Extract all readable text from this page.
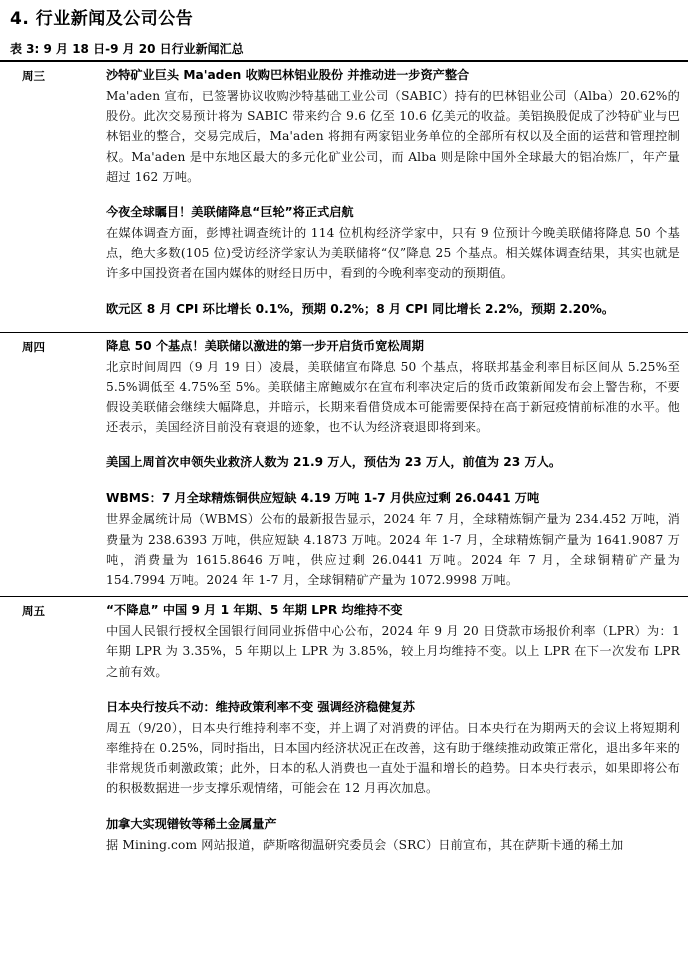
4. 行业新闻及公司公告
表 3: 9 月 18 日-9 月 20 日行业新闻汇总
周三	沙特矿业巨头 Ma'aden 收购巴林铝业股份 并推动进一步资产整合
Ma'aden 宣布，已签署协议收购沙特基础工业公司（SABIC）持有的巴林铝业公司（Alba）20.62%的股份。此次交易预计将为 SABIC 带来约合 9.6 亿至 10.6 亿美元的收益。美铝换股促成了沙特矿业与巴林铝业的整合，交易完成后，Ma'aden 将拥有两家铝业务单位的全部所有权以及全面的运营和管理控制权。Ma'aden 是中东地区最大的多元化矿业公司，而 Alba 则是除中国外全球最大的铝冶炼厂，年产量超过 162 万吨。
今夜全球瞩目！美联储降息“巨轮”将正式启航
在媒体调查方面，彭博社调查统计的 114 位机构经济学家中，只有 9 位预计今晚美联储将降息 50 个基点，绝大多数(105 位)受访经济学家认为美联储将“仅”降息 25 个基点。相关媒体调查结果，其实也就是许多中国投资者在国内媒体的财经日历中，看到的今晚利率变动的预期值。
欧元区 8 月 CPI 环比增长 0.1%，预期 0.2%；8 月 CPI 同比增长 2.2%，预期 2.20%。
周四	降息 50 个基点！美联储以激进的第一步开启货币宽松周期
北京时间周四（9 月 19 日）凌晨，美联储宣布降息 50 个基点，将联邦基金利率目标区间从 5.25%至 5.5%调低至 4.75%至 5%。美联储主席鲍威尔在宣布利率决定后的货币政策新闻发布会上警告称，不要假设美联储会继续大幅降息，并暗示，长期来看借贷成本可能需要保持在高于新冠疫情前标准的水平。他还表示，美国经济目前没有衰退的迹象，也不认为经济衰退即将到来。
美国上周首次申领失业救济人数为 21.9 万人，预估为 23 万人，前值为 23 万人。
WBMS：7 月全球精炼铜供应短缺 4.19 万吨 1-7 月供应过剩 26.0441 万吨
世界金属统计局（WBMS）公布的最新报告显示，2024 年 7 月，全球精炼铜产量为 234.452 万吨，消费量为 238.6393 万吨，供应短缺 4.1873 万吨。2024 年 1-7 月，全球精炼铜产量为 1641.9087 万吨，消费量为 1615.8646 万吨，供应过剩 26.0441 万吨。2024 年 7 月，全球铜精矿产量为 154.7994 万吨。2024 年 1-7 月，全球铜精矿产量为 1072.9998 万吨。
周五	“不降息” 中国 9 月 1 年期、5 年期 LPR 均维持不变
中国人民银行授权全国银行间同业拆借中心公布，2024 年 9 月 20 日贷款市场报价利率（LPR）为：1 年期 LPR 为 3.35%，5 年期以上 LPR 为 3.85%，较上月均维持不变。以上 LPR 在下一次发布 LPR 之前有效。
日本央行按兵不动：维持政策利率不变 强调经济稳健复苏
周五（9/20），日本央行维持利率不变，并上调了对消费的评估。日本央行在为期两天的会议上将短期利率维持在 0.25%，同时指出，日本国内经济状况正在改善，这有助于继续推动政策正常化，退出多年来的非常规货币刺激政策；此外，日本的私人消费也一直处于温和增长的趋势。日本央行表示，如果即将公布的积极数据进一步支撑乐观情绪，可能会在 12 月再次加息。
加拿大实现镨钕等稀土金属量产
据 Mining.com 网站报道，萨斯喀彻温研究委员会（SRC）日前宣布，其在萨斯卡通的稀土加
